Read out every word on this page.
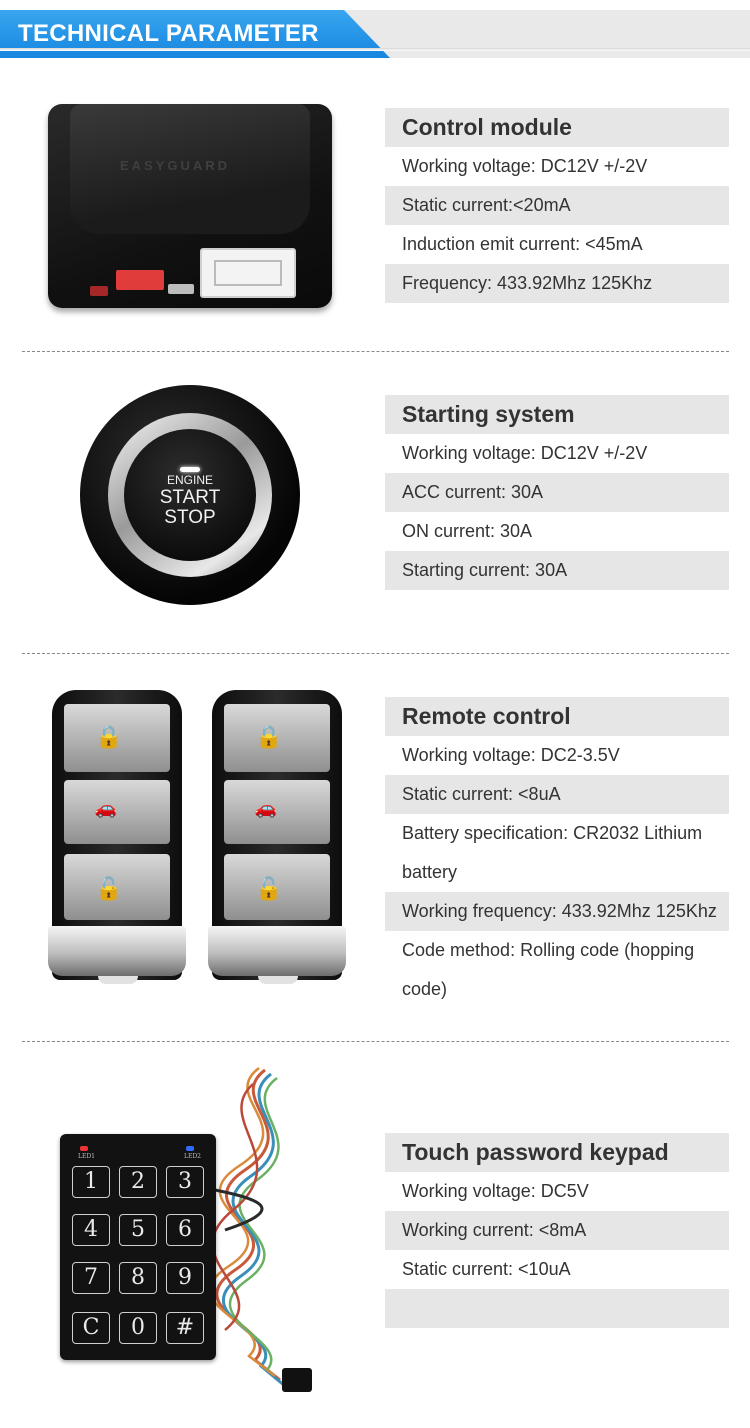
TECHNICAL PARAMETER
EASYGUARD
Control module
Working voltage: DC12V +/-2V
Static current:<20mA
Induction emit current: <45mA
Frequency: 433.92Mhz 125Khz
ENGINE
START
STOP
Starting system
Working voltage: DC12V +/-2V
ACC current: 30A
ON current: 30A
Starting current: 30A
🔒
🚗
🔓
🔒
🚗
🔓
Remote control
Working voltage: DC2-3.5V
Static current: <8uA
Battery specification: CR2032 Lithium battery
Working frequency: 433.92Mhz 125Khz
Code method: Rolling code (hopping code)
LED1	LED2
1	2	3
4	5	6
7	8	9
C	0	#
Touch password keypad
Working voltage: DC5V
Working current: <8mA
Static current: <10uA
